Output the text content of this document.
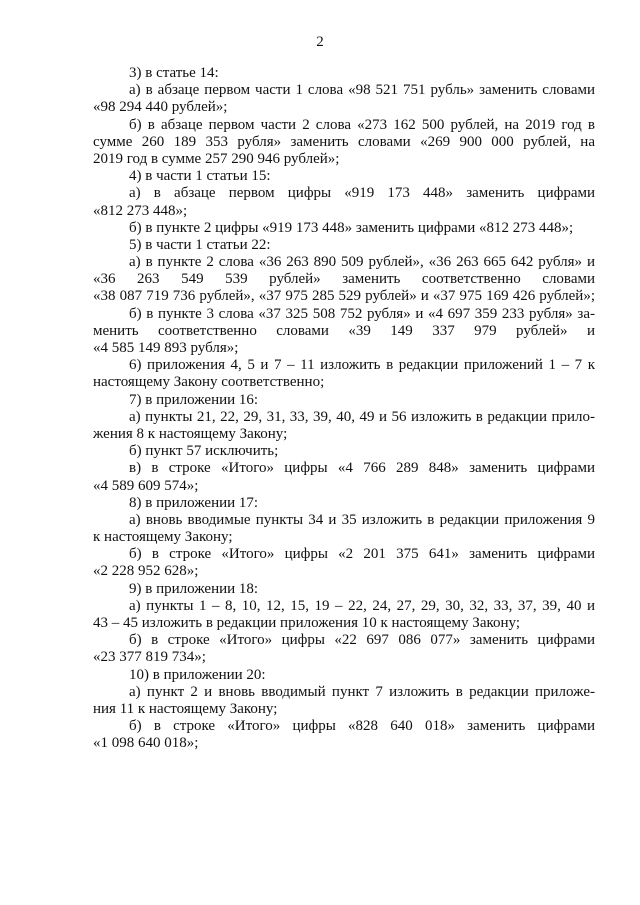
2
3) в статье 14:
а) в абзаце первом части 1 слова «98 521 751 рубль» заменить словами
«98 294 440 рублей»;
б) в абзаце первом части 2 слова «273 162 500 рублей, на 2019 год в
сумме 260 189 353 рубля» заменить словами «269 900 000 рублей, на
2019 год в сумме 257 290 946 рублей»;
4) в части 1 статьи 15:
а) в абзаце первом цифры «919 173 448» заменить цифрами
«812 273 448»;
б) в пункте 2 цифры «919 173 448» заменить цифрами «812 273 448»;
5) в части 1 статьи 22:
а) в пункте 2 слова «36 263 890 509 рублей», «36 263 665 642 рубля» и
«36 263 549 539 рублей» заменить соответственно словами
«38 087 719 736 рублей», «37 975 285 529 рублей» и «37 975 169 426 рублей»;
б) в пункте 3 слова «37 325 508 752 рубля» и «4 697 359 233 рубля» за-
менить соответственно словами «39 149 337 979 рублей» и
«4 585 149 893 рубля»;
6) приложения 4, 5 и 7 – 11 изложить в редакции приложений 1 – 7 к
настоящему Закону соответственно;
7) в приложении 16:
а) пункты 21, 22, 29, 31, 33, 39, 40, 49 и 56 изложить в редакции прило-
жения 8 к настоящему Закону;
б) пункт 57 исключить;
в) в строке «Итого» цифры «4 766 289 848» заменить цифрами
«4 589 609 574»;
8) в приложении 17:
а) вновь вводимые пункты 34 и 35 изложить в редакции приложения 9
к настоящему Закону;
б) в строке «Итого» цифры «2 201 375 641» заменить цифрами
«2 228 952 628»;
9) в приложении 18:
а) пункты 1 – 8, 10, 12, 15, 19 – 22, 24, 27, 29, 30, 32, 33, 37, 39, 40 и
43 – 45 изложить в редакции приложения 10 к настоящему Закону;
б) в строке «Итого» цифры «22 697 086 077» заменить цифрами
«23 377 819 734»;
10) в приложении 20:
а) пункт 2 и вновь вводимый пункт 7 изложить в редакции приложе-
ния 11 к настоящему Закону;
б) в строке «Итого» цифры «828 640 018» заменить цифрами
«1 098 640 018»;
